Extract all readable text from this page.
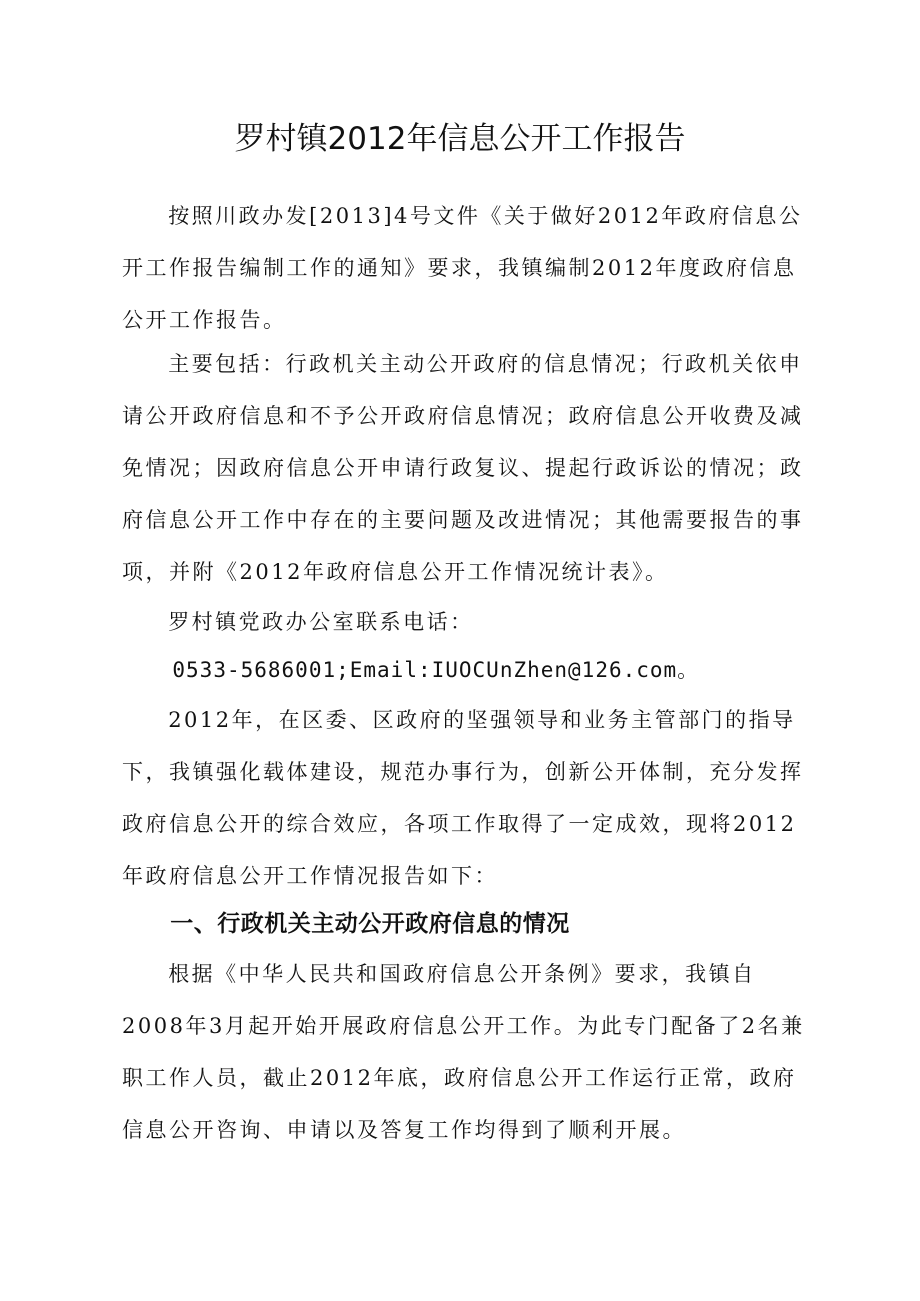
罗村镇2012年信息公开工作报告

按照川政办发[2013]4号文件《关于做好2012年政府信息公开工作报告编制工作的通知》要求，我镇编制2012年度政府信息公开工作报告。

主要包括：行政机关主动公开政府的信息情况；行政机关依申请公开政府信息和不予公开政府信息情况；政府信息公开收费及减免情况；因政府信息公开申请行政复议、提起行政诉讼的情况；政府信息公开工作中存在的主要问题及改进情况；其他需要报告的事项，并附《2012年政府信息公开工作情况统计表》。

罗村镇党政办公室联系电话：

0533-5686001;Email:IUOCUnZhen@126.com。

2012年，在区委、区政府的坚强领导和业务主管部门的指导下，我镇强化载体建设，规范办事行为，创新公开体制，充分发挥政府信息公开的综合效应，各项工作取得了一定成效，现将2012年政府信息公开工作情况报告如下：

一、行政机关主动公开政府信息的情况

根据《中华人民共和国政府信息公开条例》要求，我镇自2008年3月起开始开展政府信息公开工作。为此专门配备了2名兼职工作人员，截止2012年底，政府信息公开工作运行正常，政府信息公开咨询、申请以及答复工作均得到了顺利开展。
